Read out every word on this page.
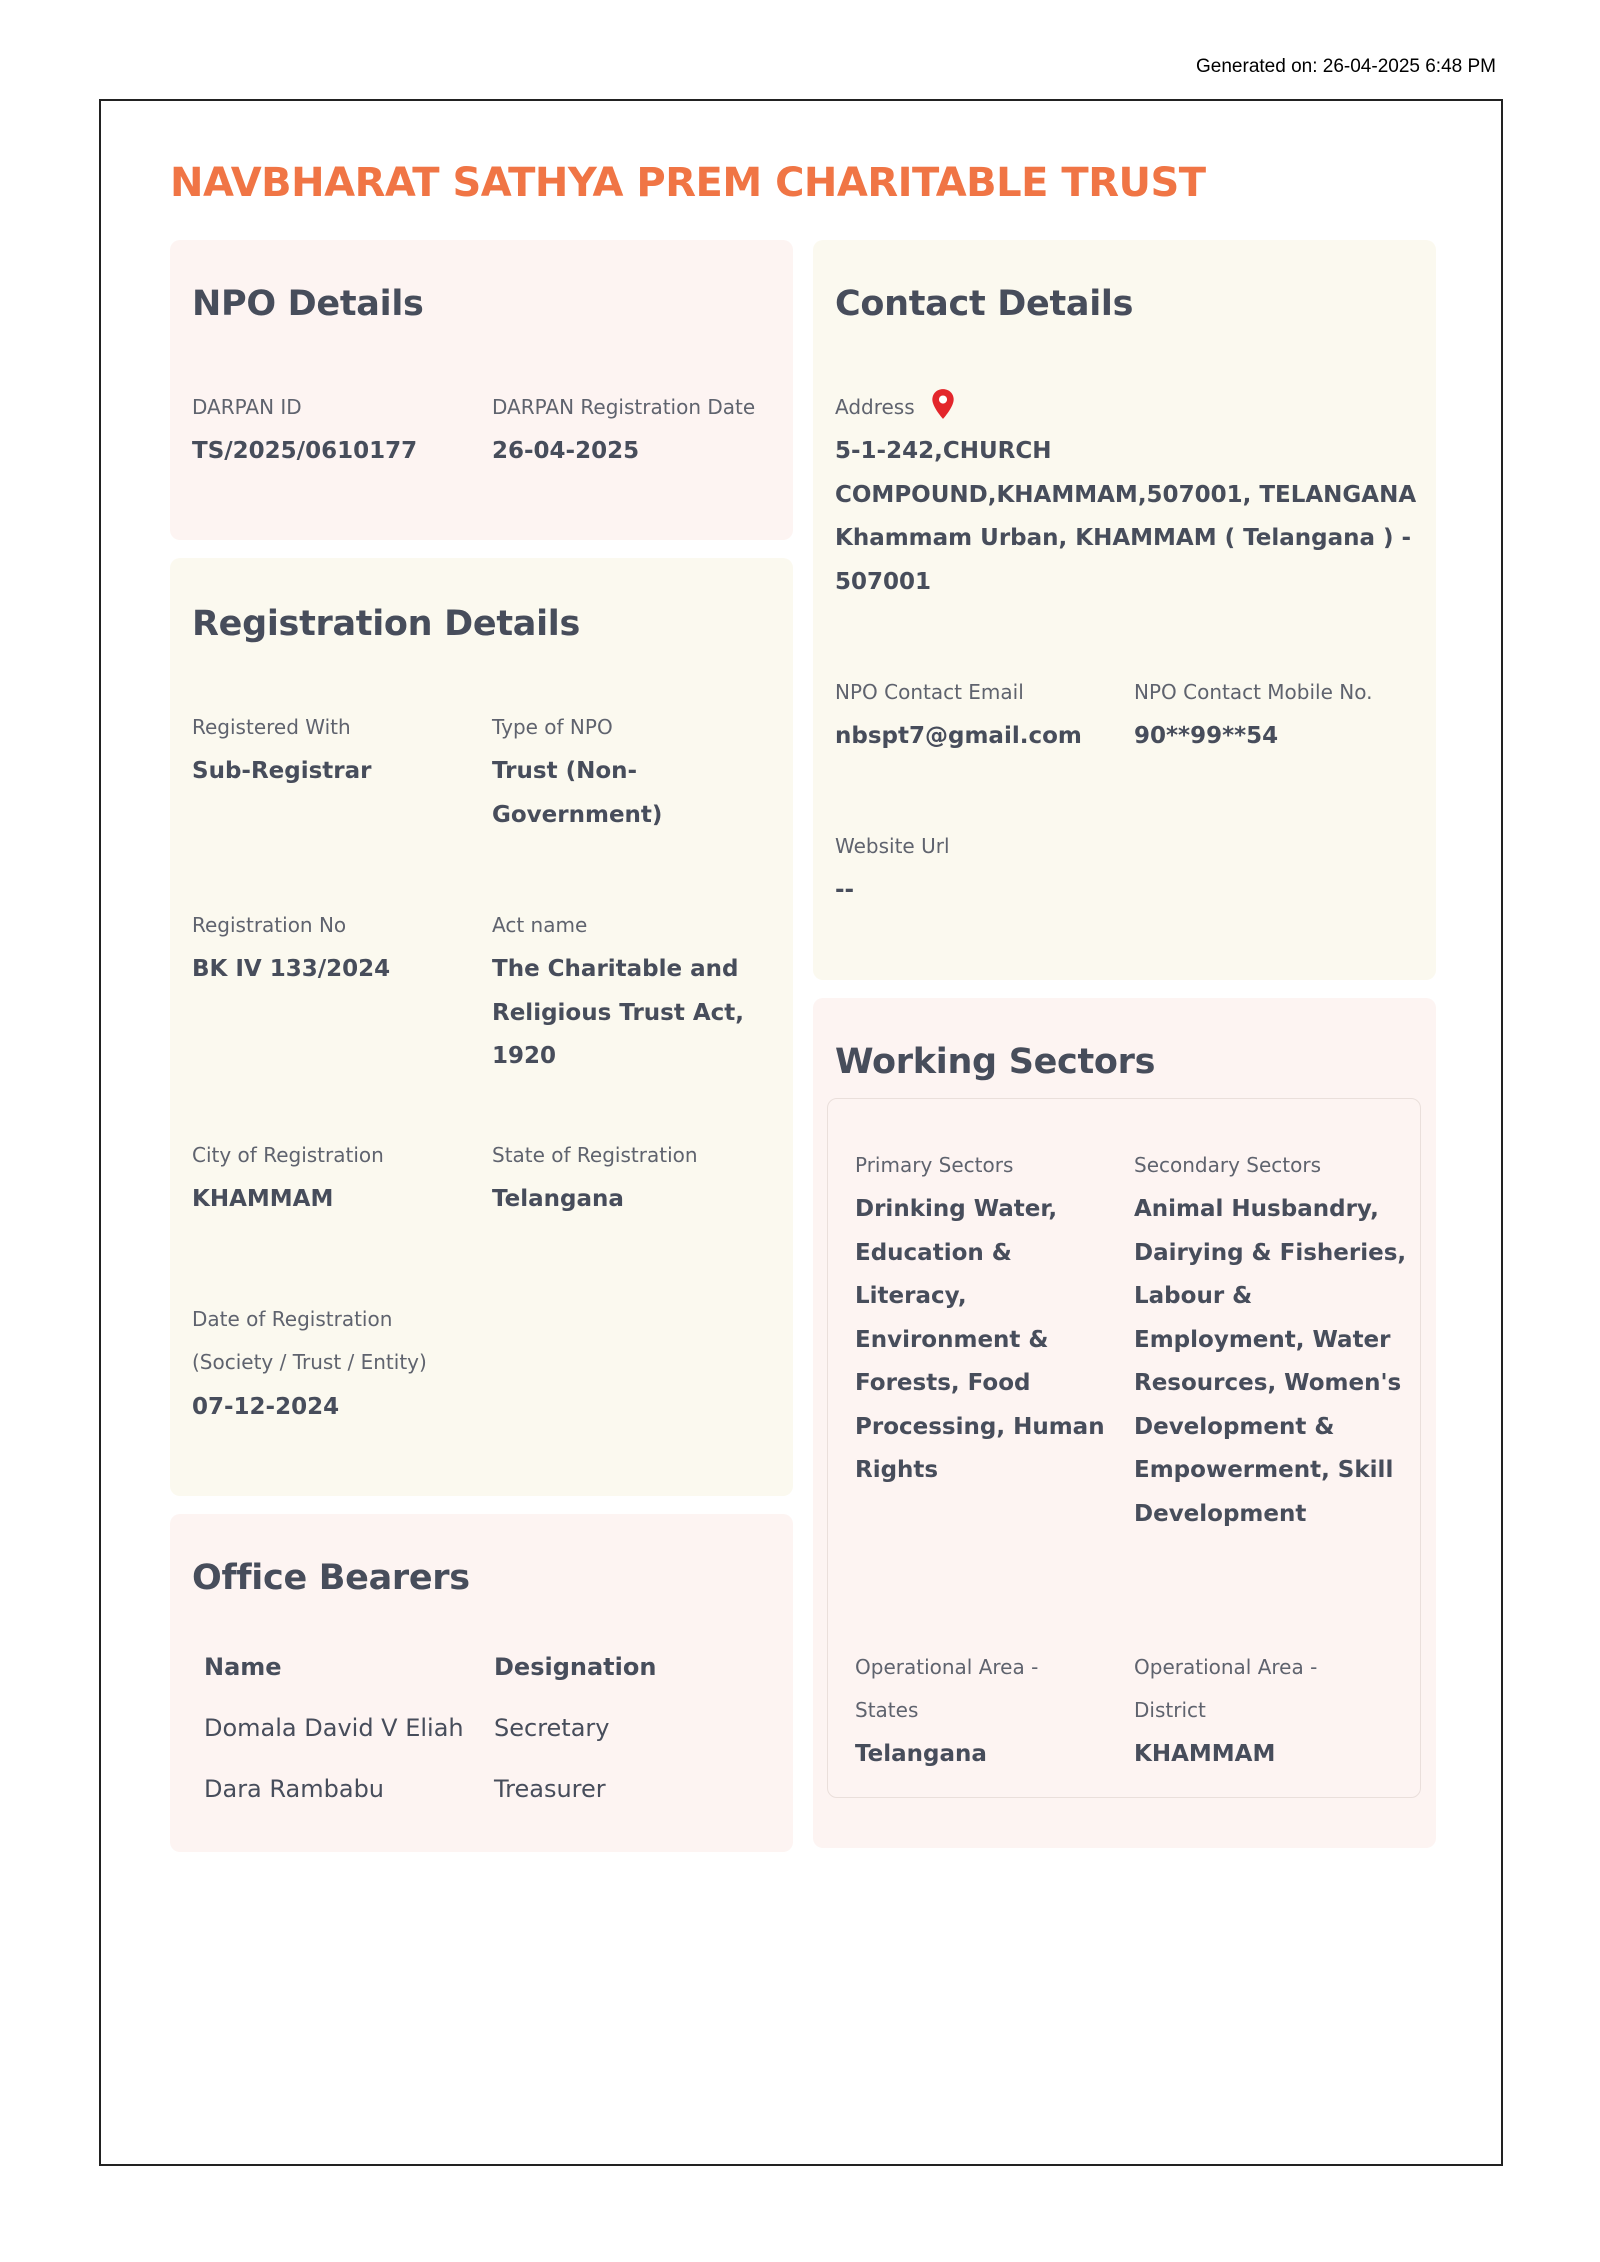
Generated on: 26-04-2025 6:48 PM
NAVBHARAT SATHYA PREM CHARITABLE TRUST
NPO Details
DARPAN ID
TS/2025/0610177
DARPAN Registration Date
26-04-2025
Registration Details
Registered With
Sub-Registrar
Type of NPO
Trust (Non-Government)
Registration No
BK IV 133/2024
Act name
The Charitable and Religious Trust Act, 1920
City of Registration
KHAMMAM
State of Registration
Telangana
Date of Registration (Society / Trust / Entity)
07-12-2024
Office Bearers
Name	Designation
Domala David V Eliah Secretary
Dara Rambabu	Treasurer
Contact Details
Address
5-1-242,CHURCH COMPOUND,KHAMMAM,507001, TELANGANA Khammam Urban, KHAMMAM ( Telangana ) - 507001
NPO Contact Email
nbspt7@gmail.com
NPO Contact Mobile No.
90**99**54
Website Url
--
Working Sectors
Primary Sectors
Drinking Water, Education & Literacy, Environment & Forests, Food Processing, Human Rights
Secondary Sectors
Animal Husbandry, Dairying & Fisheries, Labour & Employment, Water Resources, Women's Development & Empowerment, Skill Development
Operational Area - States
Telangana
Operational Area - District
KHAMMAM
